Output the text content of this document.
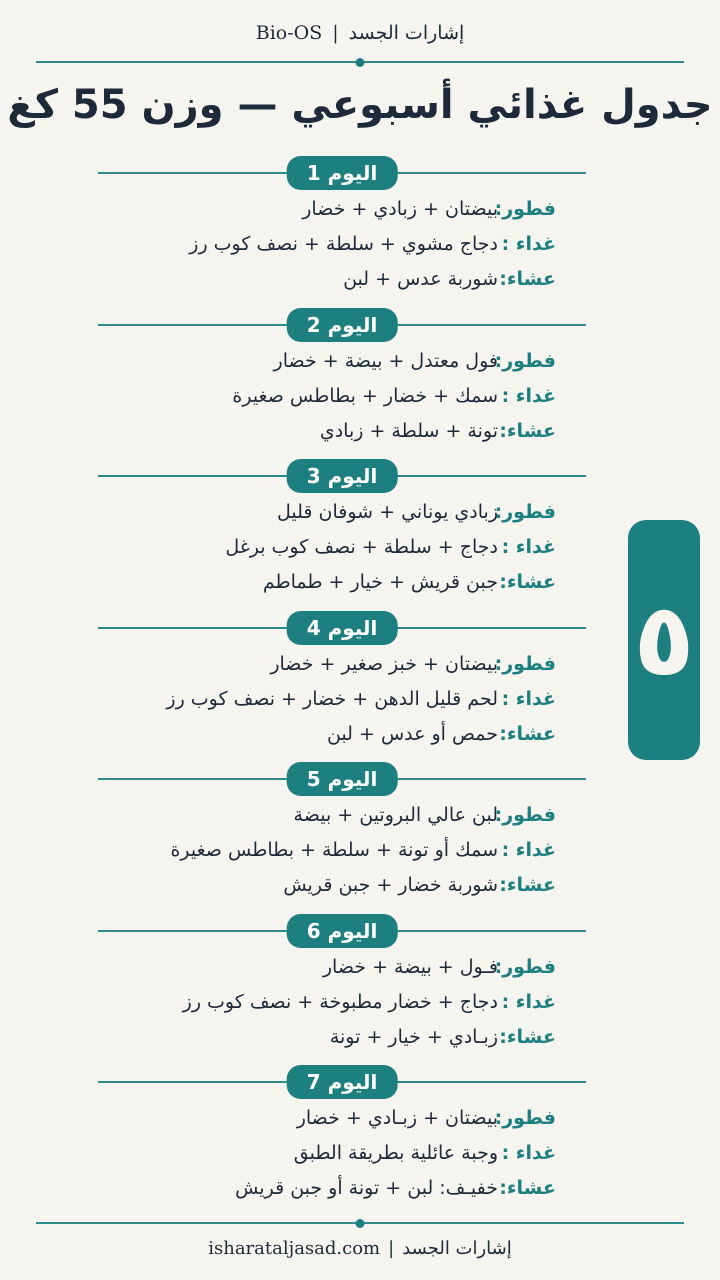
Bio-OS | إشارات الجسد
جدول غذائي أسبوعي — وزن 55 كغ
اليوم 1
فطور:
بيضتان + زبادي + خضار
غداء :
دجاج مشوي + سلطة + نصف كوب رز
عشاء:
شوربة عدس + لبن
اليوم 2
فطور:
فول معتدل + بيضة + خضار
غداء :
سمك + خضار + بطاطس صغيرة
عشاء:
تونة + سلطة + زبادي
اليوم 3
فطور:
زبادي يوناني + شوفان قليل
غداء :
دجاج + سلطة + نصف كوب برغل
عشاء:
جبن قريش + خيار + طماطم
اليوم 4
فطور:
بيضتان + خبز صغير + خضار
غداء :
لحم قليل الدهن + خضار + نصف كوب رز
عشاء:
حمص أو عدس + لبن
اليوم 5
فطور:
لبن عالي البروتين + بيضة
غداء :
سمك أو تونة + سلطة + بطاطس صغيرة
عشاء:
شوربة خضار + جبن قريش
اليوم 6
فطور:
فـول + بيضة + خضار
غداء :
دجاج + خضار مطبوخة + نصف كوب رز
عشاء:
زبـادي + خيار + تونة
اليوم 7
فطور:
بيضتان + زبـادي + خضار
غداء :
وجبة عائلية بطريقة الطبق
عشاء:
خفيـف: لبن + تونة أو جبن قريش
٥
isharataljasad.com | إشارات الجسد
